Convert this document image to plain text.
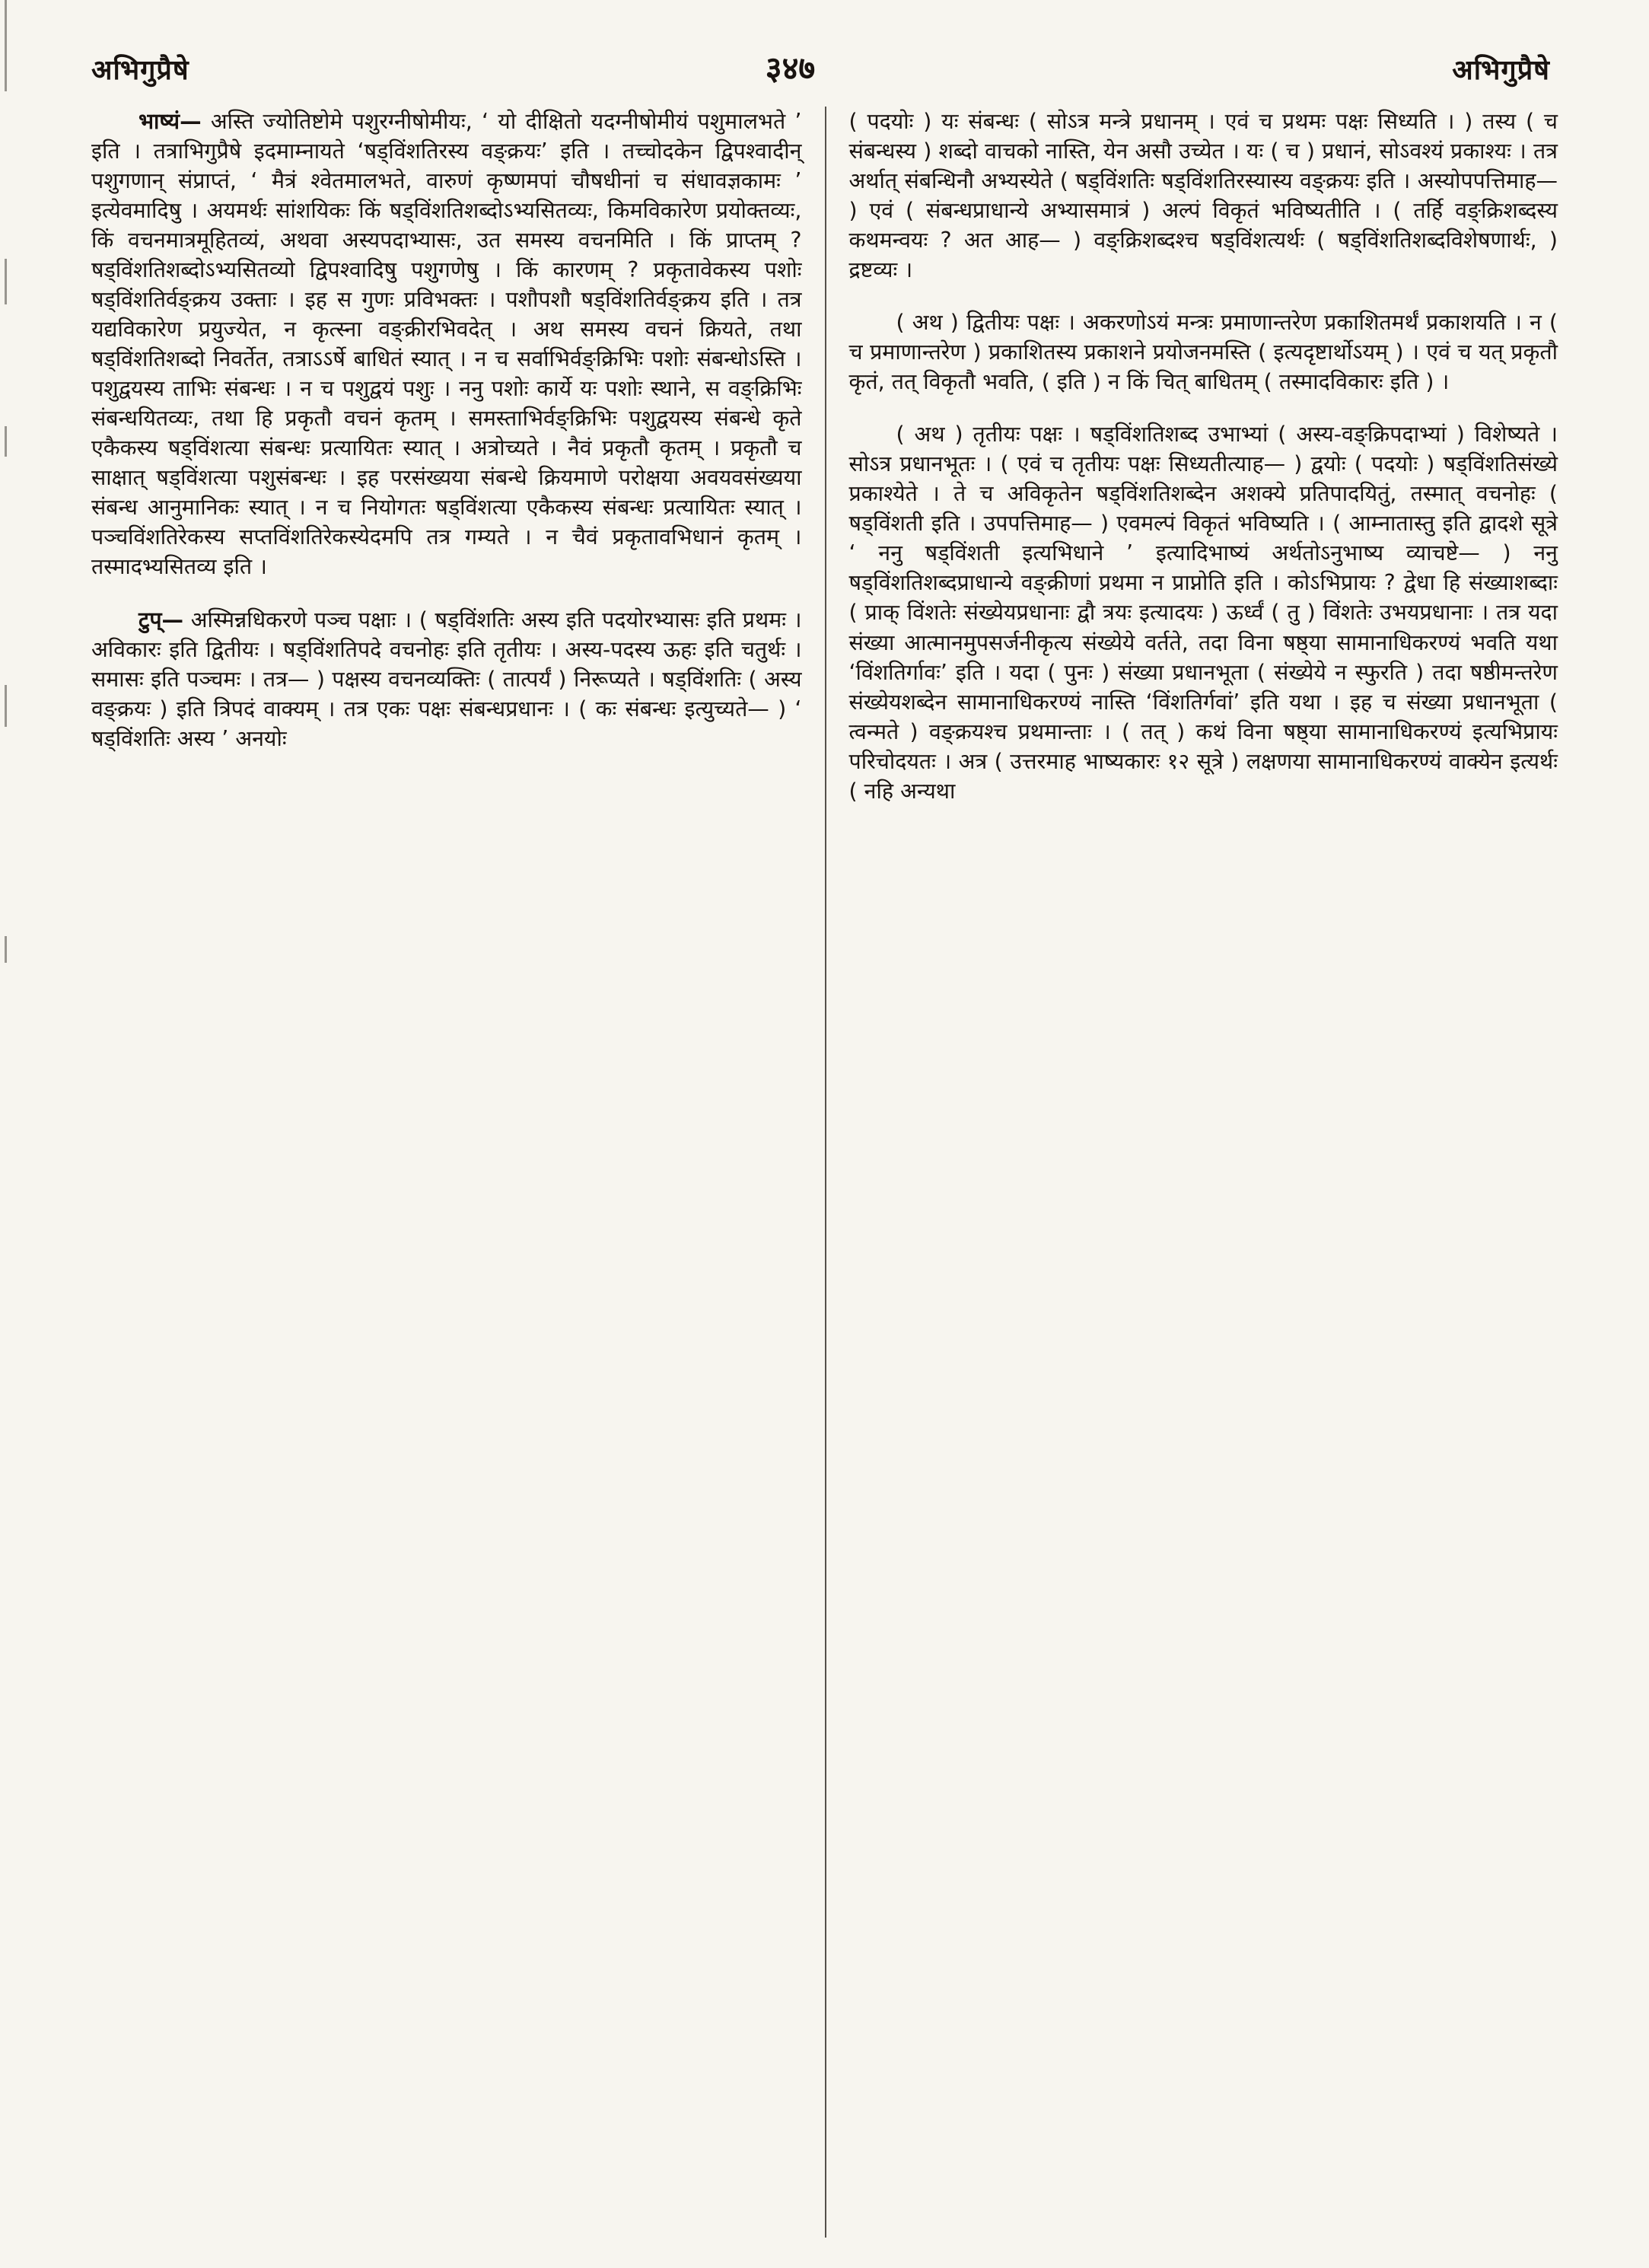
अभिगुप्रैषे	३४७	अभिगुप्रैषे

भाष्यं— अस्ति ज्योतिष्टोमे पशुरग्नीषोमीयः, ‘ यो दीक्षितो यदग्नीषोमीयं पशुमालभते ’ इति । तत्राभिगुप्रैषे इदमाम्नायते ‘षड्विंशतिरस्य वङ्क्रयः’ इति । तच्चोदकेन द्विपश्वादीन् पशुगणान् संप्राप्तं, ‘ मैत्रं श्वेतमालभते, वारुणं कृष्णमपां चौषधीनां च संधावज्ञकामः ’ इत्येवमादिषु । अयमर्थः सांशयिकः किं षड्विंशतिशब्दोऽभ्यसितव्यः, किमविकारेण प्रयोक्तव्यः, किं वचनमात्रमूहितव्यं, अथवा अस्यपदाभ्यासः, उत समस्य वचनमिति । किं प्राप्तम् ? षड्विंशतिशब्दोऽभ्यसितव्यो द्विपश्वादिषु पशुगणेषु । किं कारणम् ? प्रकृतावेकस्य पशोः षड्विंशतिर्वङ्क्रय उक्ताः । इह स गुणः प्रविभक्तः । पशौपशौ षड्विंशतिर्वङ्क्रय इति । तत्र यद्यविकारेण प्रयुज्येत, न कृत्स्ना वङ्क्रीरभिवदेत् । अथ समस्य वचनं क्रियते, तथा षड्विंशतिशब्दो निवर्तेत, तत्राऽऽर्षे बाधितं स्यात् । न च सर्वाभिर्वङ्क्रिभिः पशोः संबन्धोऽस्ति । पशुद्वयस्य ताभिः संबन्धः । न च पशुद्वयं पशुः । ननु पशोः कार्ये यः पशोः स्थाने, स वङ्क्रिभिः संबन्धयितव्यः, तथा हि प्रकृतौ वचनं कृतम् । समस्ताभिर्वङ्क्रिभिः पशुद्वयस्य संबन्धे कृते एकैकस्य षड्विंशत्या संबन्धः प्रत्यायितः स्यात् । अत्रोच्यते । नैवं प्रकृतौ कृतम् । प्रकृतौ च साक्षात् षड्विंशत्या पशुसंबन्धः । इह परसंख्यया संबन्धे क्रियमाणे परोक्षया अवयवसंख्यया संबन्ध आनुमानिकः स्यात् । न च नियोगतः षड्विंशत्या एकैकस्य संबन्धः प्रत्यायितः स्यात् । पञ्चविंशतिरेकस्य सप्तविंशतिरेकस्येदमपि तत्र गम्यते । न चैवं प्रकृतावभिधानं कृतम् । तस्मादभ्यसितव्य इति ।

टुप्— अस्मिन्नधिकरणे पञ्च पक्षाः । ( षड्विंशतिः अस्य इति पदयोरभ्यासः इति प्रथमः । अविकारः इति द्वितीयः । षड्विंशतिपदे वचनोहः इति तृतीयः । अस्य-पदस्य ऊहः इति चतुर्थः । समासः इति पञ्चमः । तत्र— ) पक्षस्य वचनव्यक्तिः ( तात्पर्यं ) निरूप्यते । षड्विंशतिः ( अस्य वङ्क्रयः ) इति त्रिपदं वाक्यम् । तत्र एकः पक्षः संबन्धप्रधानः । ( कः संबन्धः इत्युच्यते— ) ‘ षड्विंशतिः अस्य ’ अनयोः

( पदयोः ) यः संबन्धः ( सोऽत्र मन्त्रे प्रधानम् । एवं च प्रथमः पक्षः सिध्यति । ) तस्य ( च संबन्धस्य ) शब्दो वाचको नास्ति, येन असौ उच्येत । यः ( च ) प्रधानं, सोऽवश्यं प्रकाश्यः । तत्र अर्थात् संबन्धिनौ अभ्यस्येते ( षड्विंशतिः षड्विंशतिरस्यास्य वङ्क्रयः इति । अस्योपपत्तिमाह— ) एवं ( संबन्धप्राधान्ये अभ्यासमात्रं ) अल्पं विकृतं भविष्यतीति । ( तर्हि वङ्क्रिशब्दस्य कथमन्वयः ? अत आह— ) वङ्क्रिशब्दश्च षड्विंशत्यर्थः ( षड्विंशतिशब्दविशेषणार्थः, ) द्रष्टव्यः ।

( अथ ) द्वितीयः पक्षः । अकरणोऽयं मन्त्रः प्रमाणान्तरेण प्रकाशितमर्थं प्रकाशयति । न ( च प्रमाणान्तरेण ) प्रकाशितस्य प्रकाशने प्रयोजनमस्ति ( इत्यदृष्टार्थोऽयम् ) । एवं च यत् प्रकृतौ कृतं, तत् विकृतौ भवति, ( इति ) न किं चित् बाधितम् ( तस्मादविकारः इति ) ।

( अथ ) तृतीयः पक्षः । षड्विंशतिशब्द उभाभ्यां ( अस्य-वङ्क्रिपदाभ्यां ) विशेष्यते । सोऽत्र प्रधानभूतः । ( एवं च तृतीयः पक्षः सिध्यतीत्याह— ) द्वयोः ( पदयोः ) षड्विंशतिसंख्ये प्रकाश्येते । ते च अविकृतेन षड्विंशतिशब्देन अशक्ये प्रतिपादयितुं, तस्मात् वचनोहः ( षड्विंशती इति । उपपत्तिमाह— ) एवमल्पं विकृतं भविष्यति । ( आम्नातास्तु इति द्वादशे सूत्रे ‘ ननु षड्विंशती इत्यभिधाने ’ इत्यादिभाष्यं अर्थतोऽनुभाष्य व्याचष्टे— ) ननु षड्विंशतिशब्दप्राधान्ये वङ्क्रीणां प्रथमा न प्राप्नोति इति । कोऽभिप्रायः ? द्वेधा हि संख्याशब्दाः ( प्राक् विंशतेः संख्येयप्रधानाः द्वौ त्रयः इत्यादयः ) ऊर्ध्वं ( तु ) विंशतेः उभयप्रधानाः । तत्र यदा संख्या आत्मानमुपसर्जनीकृत्य संख्येये वर्तते, तदा विना षष्ठ्या सामानाधिकरण्यं भवति यथा ‘विंशतिर्गावः’ इति । यदा ( पुनः ) संख्या प्रधानभूता ( संख्येये न स्फुरति ) तदा षष्ठीमन्तरेण संख्येयशब्देन सामानाधिकरण्यं नास्ति ‘विंशतिर्गवां’ इति यथा । इह च संख्या प्रधानभूता ( त्वन्मते ) वङ्क्रयश्च प्रथमान्ताः । ( तत् ) कथं विना षष्ठ्या सामानाधिकरण्यं इत्यभिप्रायः परिचोदयतः । अत्र ( उत्तरमाह भाष्यकारः १२ सूत्रे ) लक्षणया सामानाधिकरण्यं वाक्येन इत्यर्थः ( नहि अन्यथा
